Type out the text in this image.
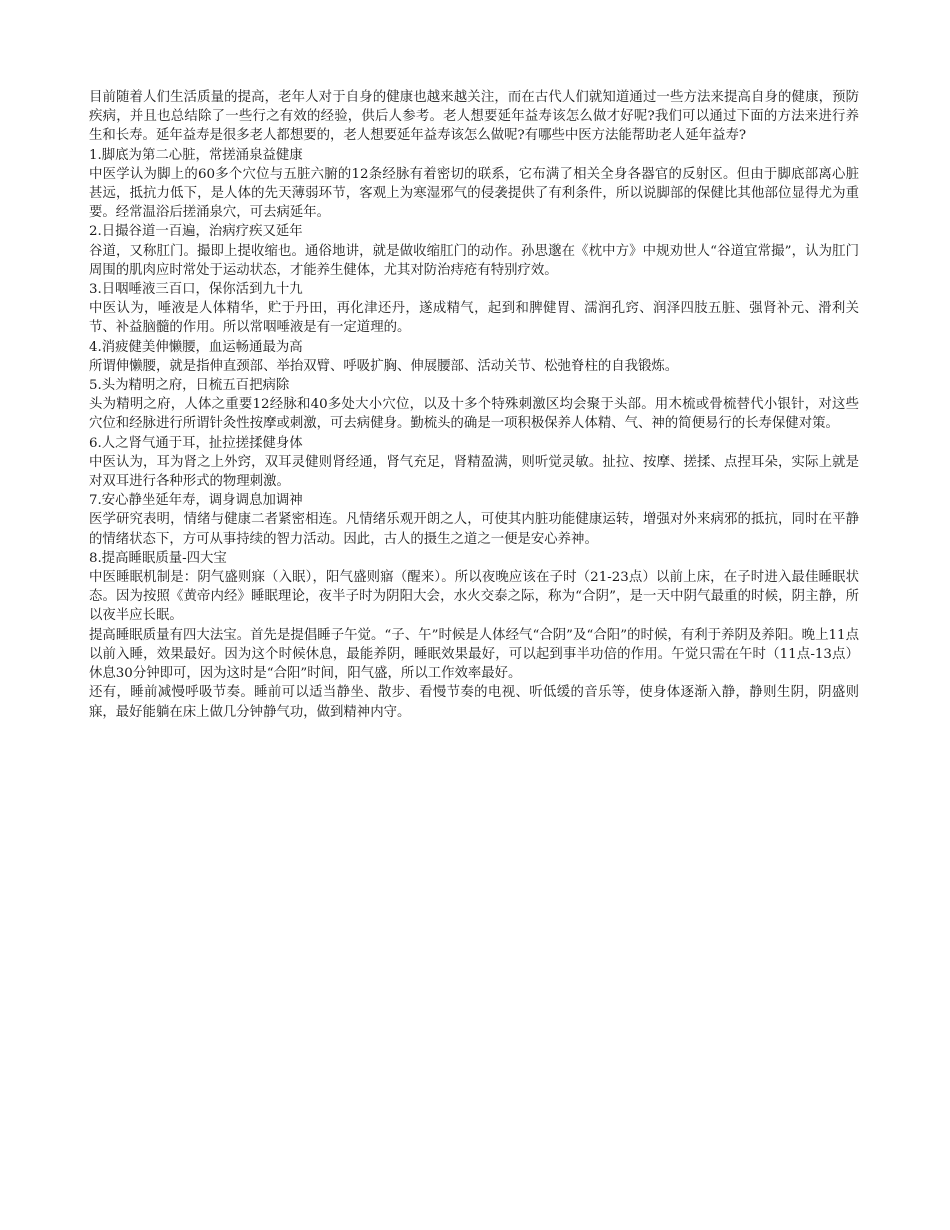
目前随着人们生活质量的提高，老年人对于自身的健康也越来越关注，而在古代人们就知道通过一些方法来提高自身的健康，预防疾病，并且也总结除了一些行之有效的经验，供后人参考。老人想要延年益寿该怎么做才好呢?我们可以通过下面的方法来进行养生和长寿。延年益寿是很多老人都想要的，老人想要延年益寿该怎么做呢?有哪些中医方法能帮助老人延年益寿?

1.脚底为第二心脏，常搓涌泉益健康

中医学认为脚上的60多个穴位与五脏六腑的12条经脉有着密切的联系，它布满了相关全身各器官的反射区。但由于脚底部离心脏甚远，抵抗力低下，是人体的先天薄弱环节，客观上为寒湿邪气的侵袭提供了有利条件，所以说脚部的保健比其他部位显得尤为重要。经常温浴后搓涌泉穴，可去病延年。

2.日撮谷道一百遍，治病疗疾又延年

谷道，又称肛门。撮即上提收缩也。通俗地讲，就是做收缩肛门的动作。孙思邈在《枕中方》中规劝世人“谷道宜常撮”，认为肛门周围的肌肉应时常处于运动状态，才能养生健体，尤其对防治痔疮有特别疗效。

3.日咽唾液三百口，保你活到九十九

中医认为，唾液是人体精华，贮于丹田，再化津还丹，遂成精气，起到和脾健胃、濡润孔窍、润泽四肢五脏、强肾补元、滑利关节、补益脑髓的作用。所以常咽唾液是有一定道理的。

4.消疲健美伸懒腰，血运畅通最为高

所谓伸懒腰，就是指伸直颈部、举抬双臂、呼吸扩胸、伸展腰部、活动关节、松弛脊柱的自我锻炼。

5.头为精明之府，日梳五百把病除

头为精明之府，人体之重要12经脉和40多处大小穴位，以及十多个特殊刺激区均会聚于头部。用木梳或骨梳替代小银针，对这些穴位和经脉进行所谓针灸性按摩或刺激，可去病健身。勤梳头的确是一项积极保养人体精、气、神的简便易行的长寿保健对策。

6.人之肾气通于耳，扯拉搓揉健身体

中医认为，耳为肾之上外窍，双耳灵健则肾经通，肾气充足，肾精盈满，则听觉灵敏。扯拉、按摩、搓揉、点捏耳朵，实际上就是对双耳进行各种形式的物理刺激。

7.安心静坐延年寿，调身调息加调神

医学研究表明，情绪与健康二者紧密相连。凡情绪乐观开朗之人，可使其内脏功能健康运转，增强对外来病邪的抵抗，同时在平静的情绪状态下，方可从事持续的智力活动。因此，古人的摄生之道之一便是安心养神。

8.提高睡眠质量-四大宝

中医睡眠机制是：阴气盛则寐（入眠），阳气盛则寤（醒来）。所以夜晚应该在子时（21-23点）以前上床，在子时进入最佳睡眠状态。因为按照《黄帝内经》睡眠理论，夜半子时为阴阳大会，水火交泰之际，称为“合阴”，是一天中阴气最重的时候，阴主静，所以夜半应长眠。

提高睡眠质量有四大法宝。首先是提倡睡子午觉。“子、午”时候是人体经气“合阴”及“合阳”的时候，有利于养阴及养阳。晚上11点以前入睡，效果最好。因为这个时候休息，最能养阴，睡眠效果最好，可以起到事半功倍的作用。午觉只需在午时（11点-13点）休息30分钟即可，因为这时是“合阳”时间，阳气盛，所以工作效率最好。

还有，睡前减慢呼吸节奏。睡前可以适当静坐、散步、看慢节奏的电视、听低缓的音乐等，使身体逐渐入静，静则生阴，阴盛则寐，最好能躺在床上做几分钟静气功，做到精神内守。
